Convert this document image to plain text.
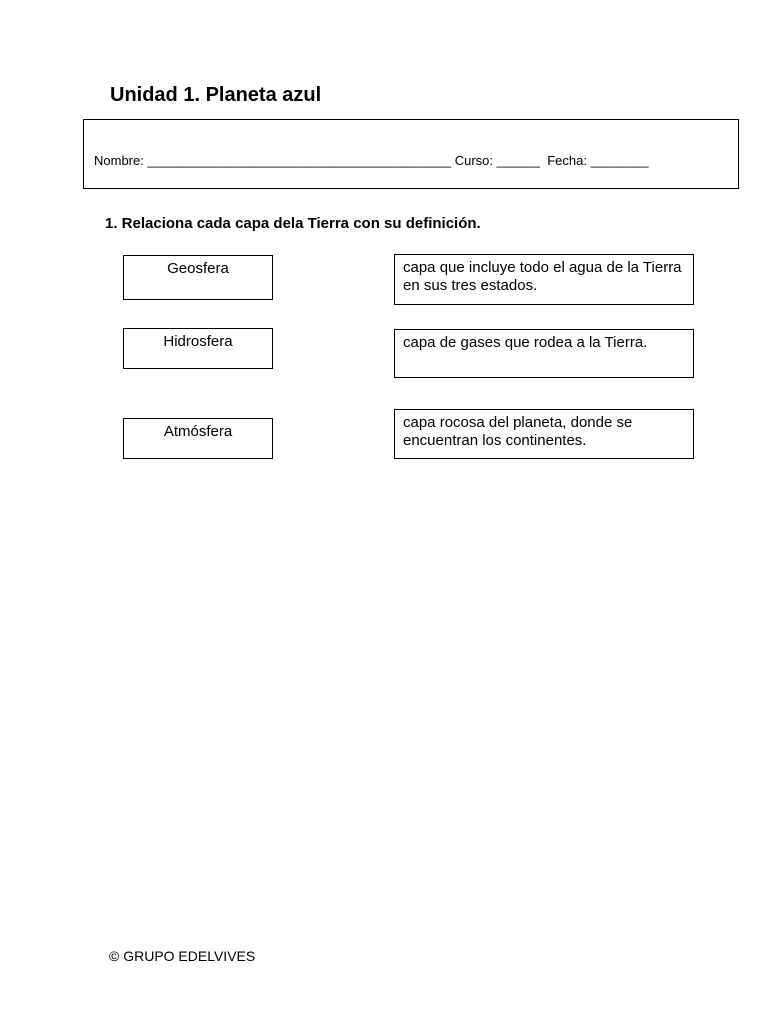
Unidad 1. Planeta azul
Nombre: __________________________________________ Curso: ______  Fecha: ________
1. Relaciona cada capa dela Tierra con su definición.
Geosfera
Hidrosfera
Atmósfera
capa que incluye todo el agua de la Tierra en sus tres estados.
capa de gases que rodea a la Tierra.
capa rocosa del planeta, donde se encuentran los continentes.
© GRUPO EDELVIVES
